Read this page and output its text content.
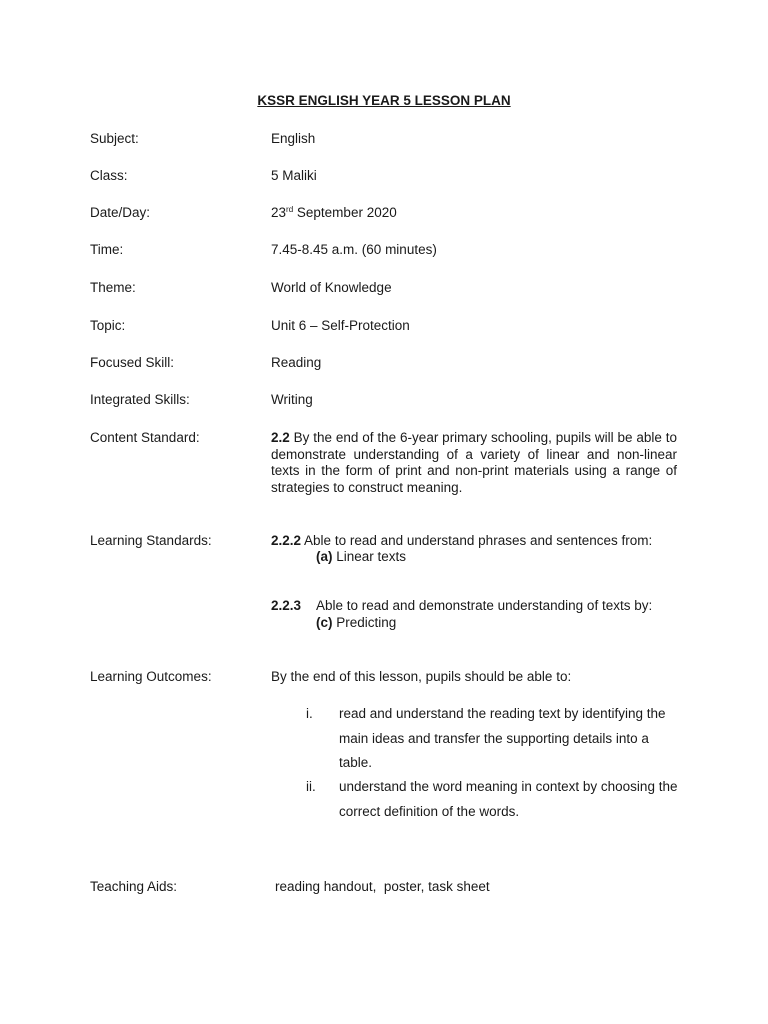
KSSR ENGLISH YEAR 5 LESSON PLAN
Subject:	English
Class:	5 Maliki
Date/Day:	23rd September 2020
Time:	7.45-8.45 a.m. (60 minutes)
Theme:	World of Knowledge
Topic:	Unit 6 – Self-Protection
Focused Skill:	Reading
Integrated Skills:	Writing
Content Standard:	2.2 By the end of the 6-year primary schooling, pupils will be able to demonstrate understanding of a variety of linear and non-linear texts in the form of print and non-print materials using a range of strategies to construct meaning.
Learning Standards:	2.2.2 Able to read and understand phrases and sentences from:
(a) Linear texts
2.2.3 Able to read and demonstrate understanding of texts by:
(c) Predicting
Learning Outcomes:	By the end of this lesson, pupils should be able to:
i. read and understand the reading text by identifying the main ideas and transfer the supporting details into a table.
ii. understand the word meaning in context by choosing the correct definition of the words.
Teaching Aids:	reading handout,  poster, task sheet
